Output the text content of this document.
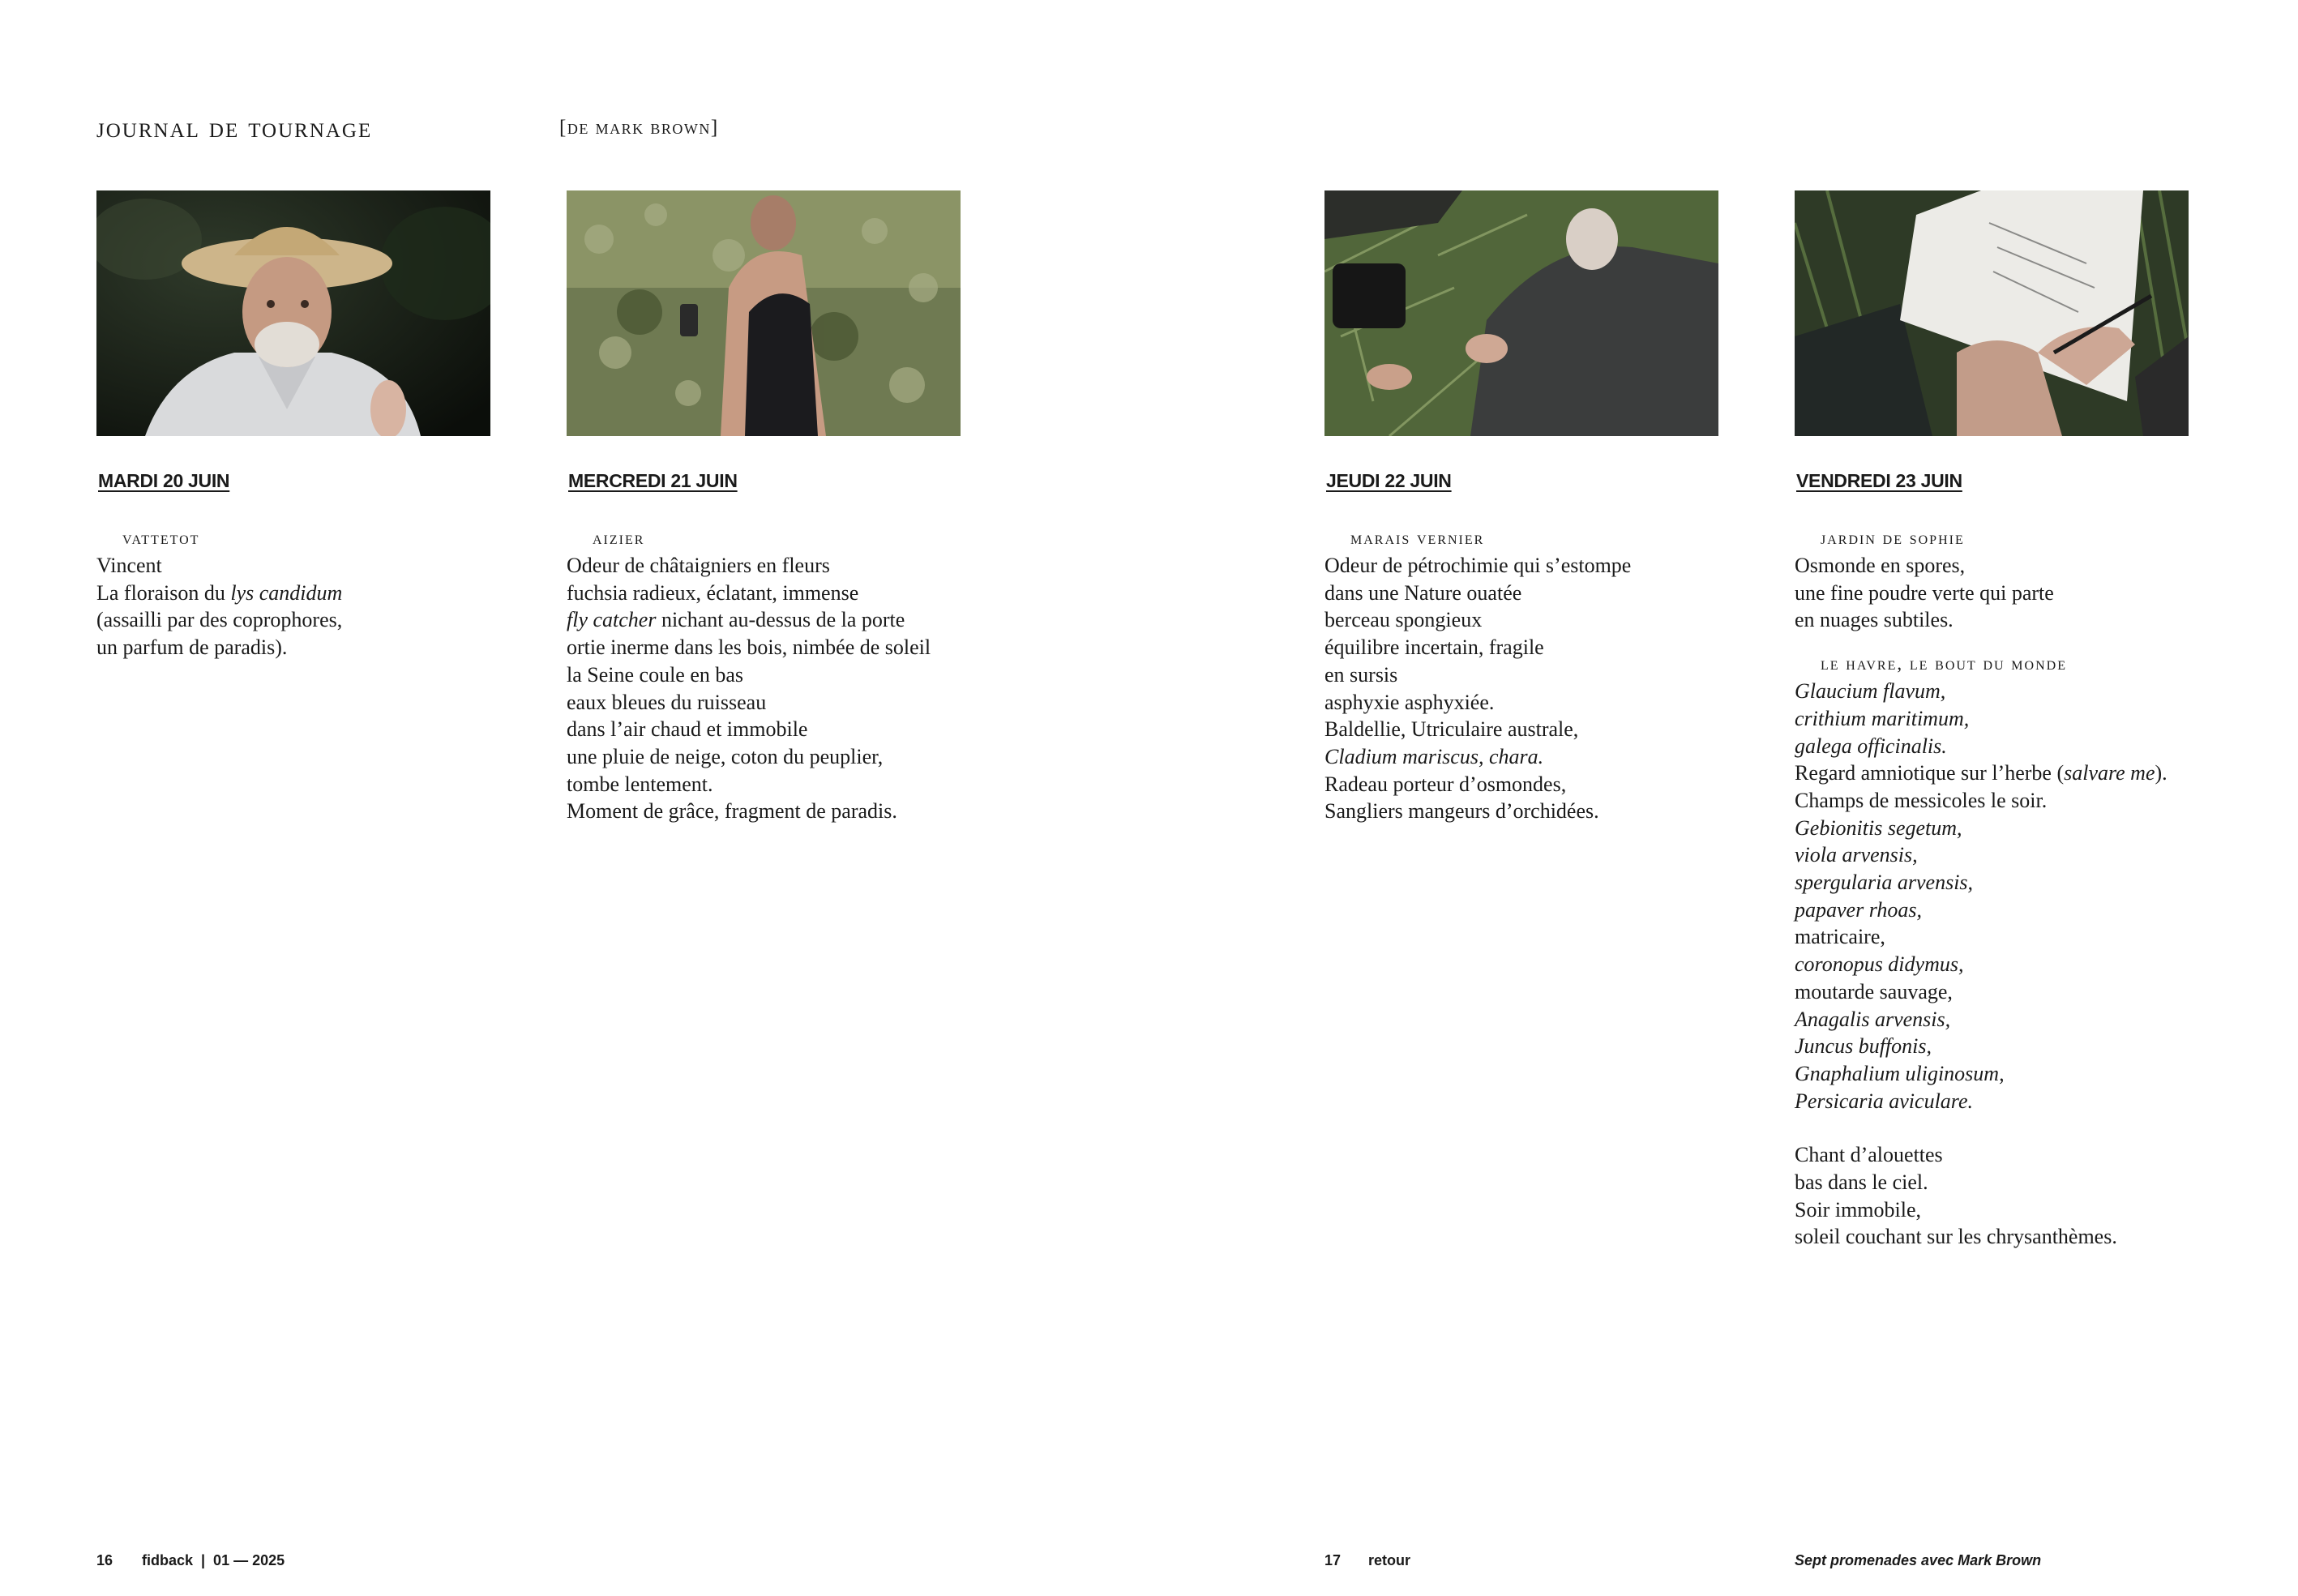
journal de tournage	[de mark brown]
MARDI 20 JUIN
vattetot
Vincent
La floraison du lys candidum
(assailli par des coprophores,
un parfum de paradis).
MERCREDI 21 JUIN
aizier
Odeur de châtaigniers en fleurs
fuchsia radieux, éclatant, immense
fly catcher nichant au-dessus de la porte
ortie inerme dans les bois, nimbée de soleil
la Seine coule en bas
eaux bleues du ruisseau
dans l’air chaud et immobile
une pluie de neige, coton du peuplier,
tombe lentement.
Moment de grâce, fragment de paradis.
JEUDI 22 JUIN
marais vernier
Odeur de pétrochimie qui s’estompe
dans une Nature ouatée
berceau spongieux
équilibre incertain, fragile
en sursis
asphyxie asphyxiée.
Baldellie, Utriculaire australe,
Cladium mariscus, chara.
Radeau porteur d’osmondes,
Sangliers mangeurs d’orchidées.
VENDREDI 23 JUIN
jardin de sophie
Osmonde en spores,
une fine poudre verte qui parte
en nuages subtiles.
le havre, le bout du monde
Glaucium flavum,
crithium maritimum,
galega officinalis.
Regard amniotique sur l’herbe (salvare me).
Champs de messicoles le soir.
Gebionitis segetum,
viola arvensis,
spergularia arvensis,
papaver rhoas,
matricaire,
coronopus didymus,
moutarde sauvage,
Anagalis arvensis,
Juncus buffonis,
Gnaphalium uliginosum,
Persicaria aviculare.
Chant d’alouettes
bas dans le ciel.
Soir immobile,
soleil couchant sur les chrysanthèmes.
16 fidback  |  01 — 2025	17 retour	Sept promenades avec Mark Brown
